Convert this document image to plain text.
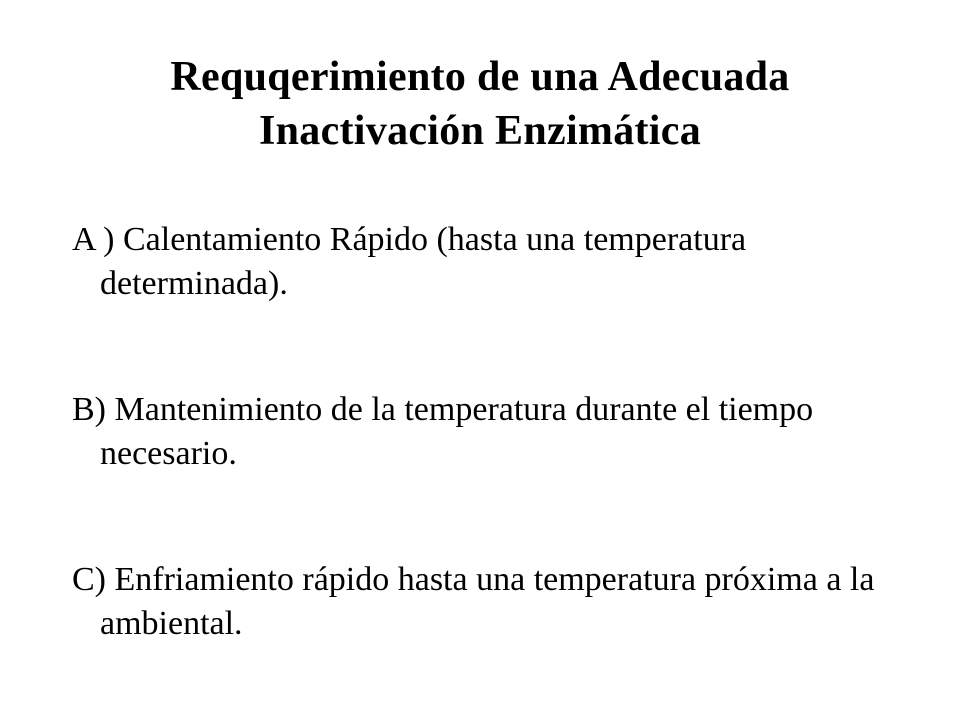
Requqerimiento de una Adecuada
Inactivación Enzimática
A ) Calentamiento Rápido (hasta una temperatura determinada).
B) Mantenimiento de la temperatura durante el tiempo necesario.
C) Enfriamiento rápido hasta una temperatura próxima a la ambiental.
